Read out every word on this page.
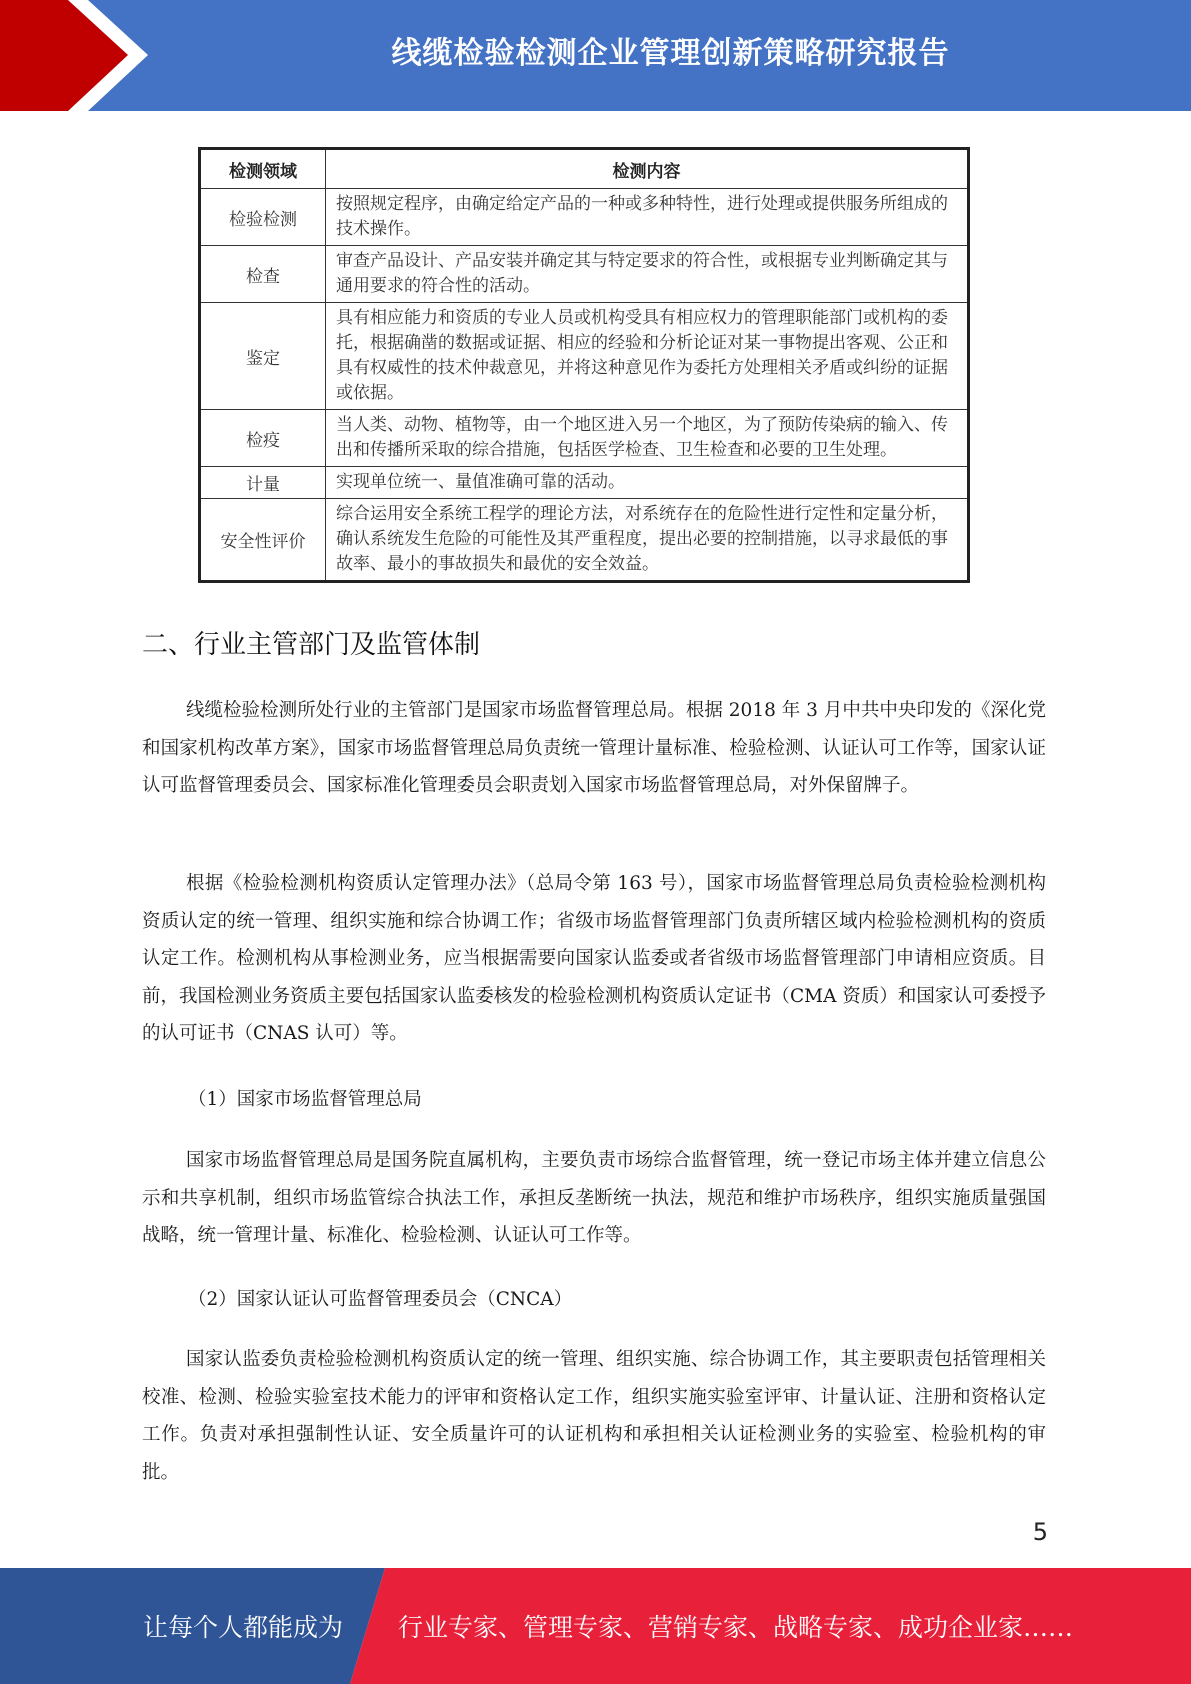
线缆检验检测企业管理创新策略研究报告
检测领域	检测内容
检验检测	按照规定程序，由确定给定产品的一种或多种特性，进行处理或提供服务所组成的技术操作。
检查	审查产品设计、产品安装并确定其与特定要求的符合性，或根据专业判断确定其与通用要求的符合性的活动。
鉴定	具有相应能力和资质的专业人员或机构受具有相应权力的管理职能部门或机构的委托，根据确凿的数据或证据、相应的经验和分析论证对某一事物提出客观、公正和具有权威性的技术仲裁意见，并将这种意见作为委托方处理相关矛盾或纠纷的证据或依据。
检疫	当人类、动物、植物等，由一个地区进入另一个地区，为了预防传染病的输入、传出和传播所采取的综合措施，包括医学检查、卫生检查和必要的卫生处理。
计量	实现单位统一、量值准确可靠的活动。
安全性评价	综合运用安全系统工程学的理论方法，对系统存在的危险性进行定性和定量分析，确认系统发生危险的可能性及其严重程度，提出必要的控制措施，以寻求最低的事故率、最小的事故损失和最优的安全效益。
二、行业主管部门及监管体制

线缆检验检测所处行业的主管部门是国家市场监督管理总局。根据 2018 年 3 月中共中央印发的《深化党和国家机构改革方案》，国家市场监督管理总局负责统一管理计量标准、检验检测、认证认可工作等，国家认证认可监督管理委员会、国家标准化管理委员会职责划入国家市场监督管理总局，对外保留牌子。

根据《检验检测机构资质认定管理办法》（总局令第 163 号），国家市场监督管理总局负责检验检测机构资质认定的统一管理、组织实施和综合协调工作；省级市场监督管理部门负责所辖区域内检验检测机构的资质认定工作。检测机构从事检测业务，应当根据需要向国家认监委或者省级市场监督管理部门申请相应资质。目前，我国检测业务资质主要包括国家认监委核发的检验检测机构资质认定证书（CMA 资质）和国家认可委授予的认可证书（CNAS 认可）等。

（1）国家市场监督管理总局

国家市场监督管理总局是国务院直属机构，主要负责市场综合监督管理，统一登记市场主体并建立信息公示和共享机制，组织市场监管综合执法工作，承担反垄断统一执法，规范和维护市场秩序，组织实施质量强国战略，统一管理计量、标准化、检验检测、认证认可工作等。

（2）国家认证认可监督管理委员会（CNCA）

国家认监委负责检验检测机构资质认定的统一管理、组织实施、综合协调工作，其主要职责包括管理相关校准、检测、检验实验室技术能力的评审和资格认定工作，组织实施实验室评审、计量认证、注册和资格认定工作。负责对承担强制性认证、安全质量许可的认证机构和承担相关认证检测业务的实验室、检验机构的审批。

5
让每个人都能成为 行业专家、管理专家、营销专家、战略专家、成功企业家……
